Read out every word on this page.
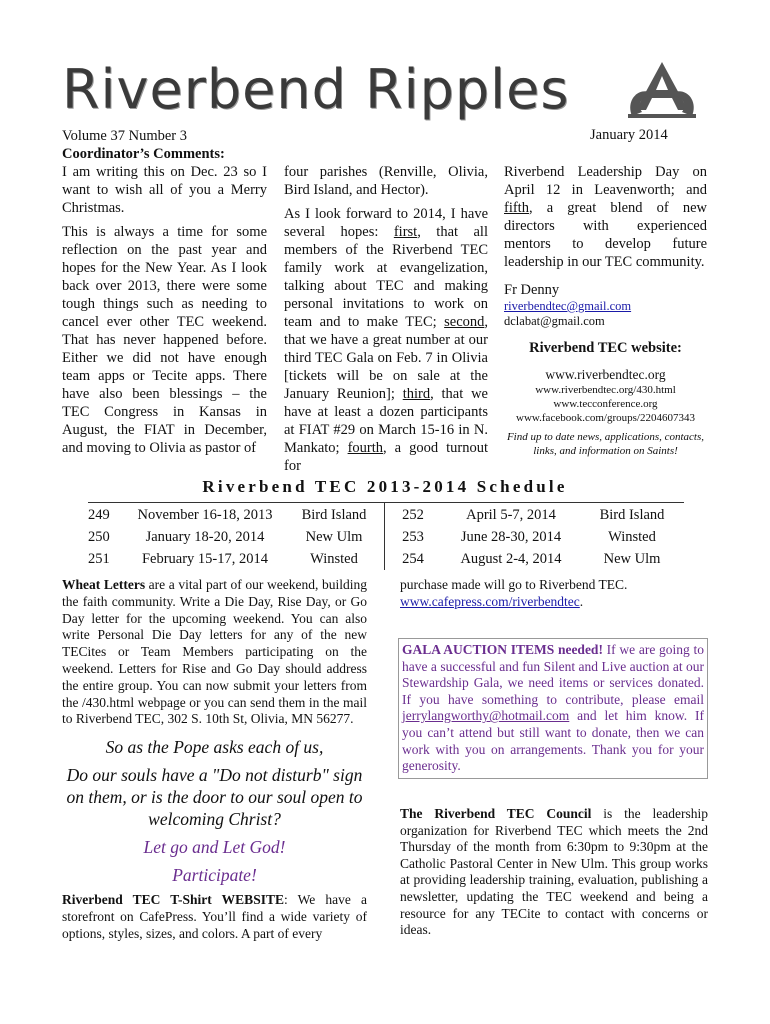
Riverbend Ripples
Volume 37 Number 3
Coordinator’s Comments:
January 2014

I am writing this on Dec. 23 so I want to wish all of you a Merry Christmas.

This is always a time for some reflection on the past year and hopes for the New Year. As I look back over 2013, there were some tough things such as needing to cancel ever other TEC weekend. That has never happened before. Either we did not have enough team apps or Tecite apps. There have also been blessings – the TEC Congress in Kansas in August, the FIAT in December, and moving to Olivia as pastor of

four parishes (Renville, Olivia, Bird Island, and Hector).

As I look forward to 2014, I have several hopes: first, that all members of the Riverbend TEC family work at evangelization, talking about TEC and making personal invitations to work on team and to make TEC; second, that we have a great number at our third TEC Gala on Feb. 7 in Olivia [tickets will be on sale at the January Reunion]; third, that we have at least a dozen participants at FIAT #29 on March 15-16 in N. Mankato; fourth, a good turnout for

Riverbend Leadership Day on April 12 in Leavenworth; and fifth, a great blend of new directors with experienced mentors to develop future leadership in our TEC community.

Fr Denny
riverbendtec@gmail.com
dclabat@gmail.com
Riverbend TEC website:
www.riverbendtec.org
www.riverbendtec.org/430.html
www.tecconference.org
www.facebook.com/groups/2204607343
Find up to date news, applications, contacts, links, and information on Saints!
Riverbend TEC 2013-2014 Schedule
249	November 16-18, 2013	Bird Island	252	April 5-7, 2014	Bird Island
250	January 18-20, 2014	New Ulm	253	June 28-30, 2014	Winsted
251	February 15-17, 2014	Winsted	254	August 2-4, 2014	New Ulm

Wheat Letters are a vital part of our weekend, building the faith community. Write a Die Day, Rise Day, or Go Day letter for the upcoming weekend. You can also write Personal Die Day letters for any of the new TECites or Team Members participating on the weekend. Letters for Rise and Go Day should address the entire group. You can now submit your letters from the /430.html webpage or you can send them in the mail to Riverbend TEC, 302 S. 10th St, Olivia, MN 56277.

So as the Pope asks each of us,
Do our souls have a "Do not disturb" sign on them, or is the door to our soul open to welcoming Christ?
Let go and Let God!
Participate!

Riverbend TEC T-Shirt WEBSITE: We have a storefront on CafePress. You’ll find a wide variety of options, styles, sizes, and colors. A part of every

purchase made will go to Riverbend TEC.
www.cafepress.com/riverbendtec.
GALA AUCTION ITEMS needed! If we are going to have a successful and fun Silent and Live auction at our Stewardship Gala, we need items or services donated. If you have something to contribute, please email jerrylangworthy@hotmail.com and let him know. If you can’t attend but still want to donate, then we can work with you on arrangements. Thank you for your generosity.
The Riverbend TEC Council is the leadership organization for Riverbend TEC which meets the 2nd Thursday of the month from 6:30pm to 9:30pm at the Catholic Pastoral Center in New Ulm. This group works at providing leadership training, evaluation, publishing a newsletter, updating the TEC weekend and being a resource for any TECite to contact with concerns or ideas.
